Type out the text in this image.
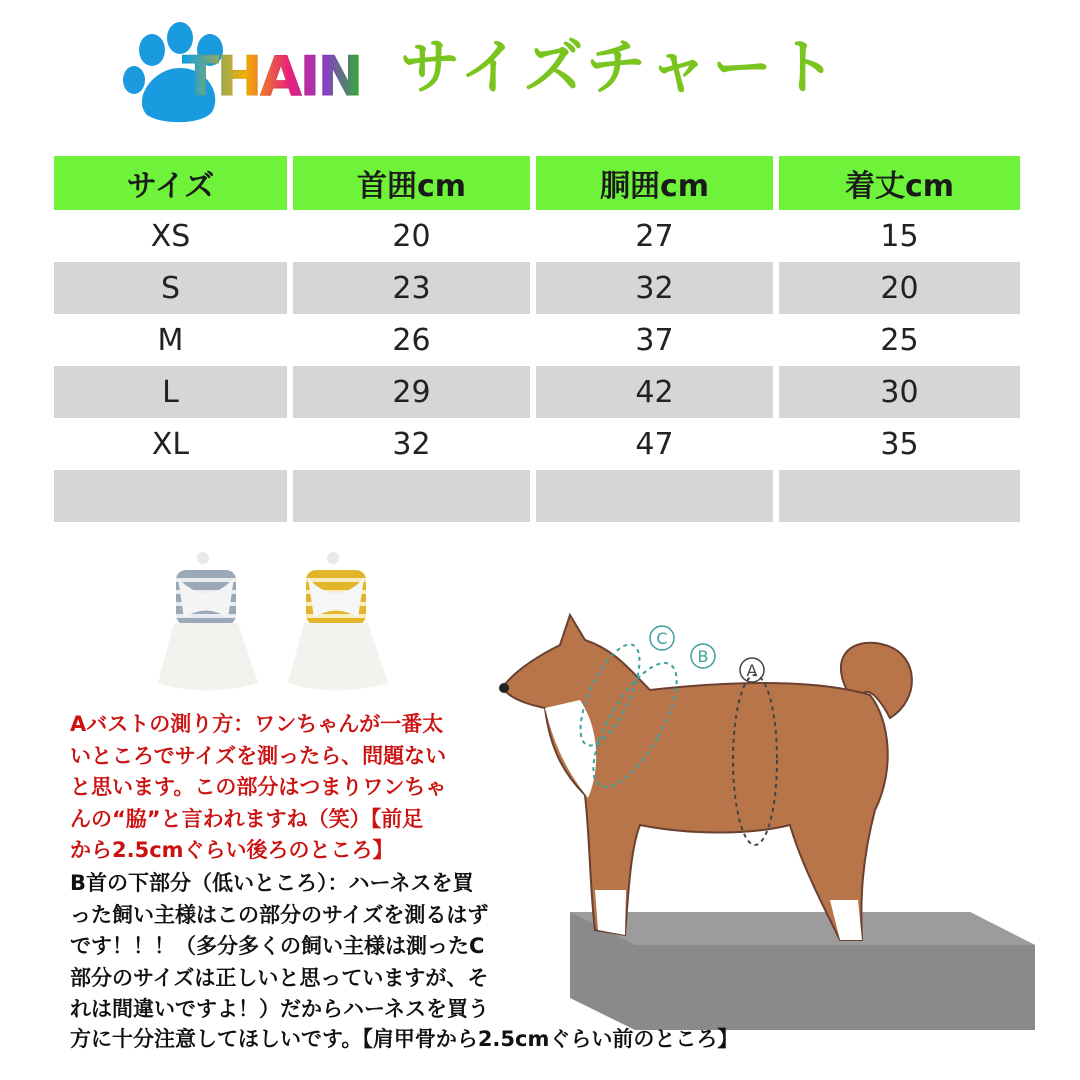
THAIN サイズチャート
サイズ	首囲cm	胴囲cm	着丈cm
XS	20	27	15
S	23	32	20
M	26	37	25
L	29	42	30
XL	32	47	35
C
B
A
Aバストの測り方：ワンちゃんが一番太
いところでサイズを測ったら、問題ない
と思います。この部分はつまりワンちゃ
んの“脇”と言われますね（笑）【前足
から2.5cmぐらい後ろのところ】
B首の下部分（低いところ）：ハーネスを買
った飼い主様はこの部分のサイズを測るはず
です！！！（多分多くの飼い主様は測ったC
部分のサイズは正しいと思っていますが、そ
れは間違いですよ！）だからハーネスを買う
方に十分注意してほしいです。【肩甲骨から2.5cmぐらい前のところ】
